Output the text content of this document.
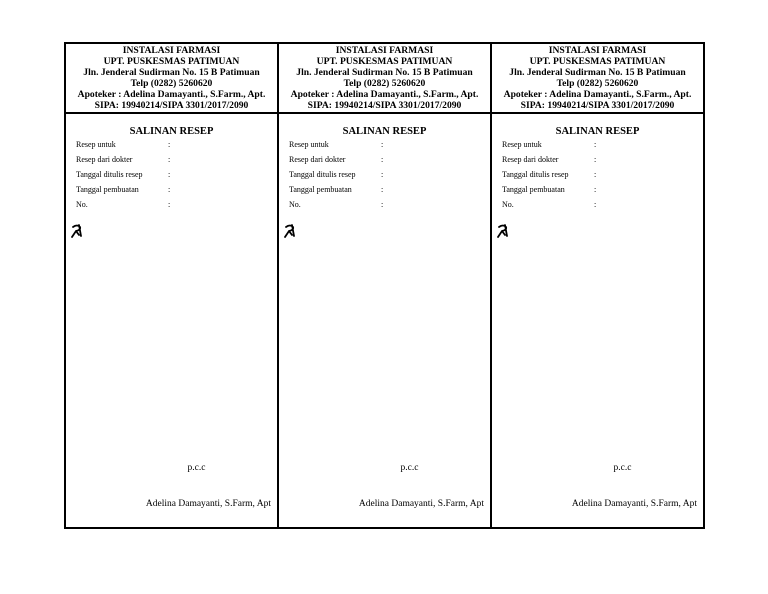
INSTALASI FARMASI
UPT. PUSKESMAS PATIMUAN
Jln. Jenderal Sudirman No. 15 B Patimuan
Telp (0282) 5260620
Apoteker : Adelina Damayanti., S.Farm., Apt.
SIPA: 19940214/SIPA 3301/2017/2090
SALINAN RESEP
Resep untuk	:
Resep dari dokter	:
Tanggal ditulis resep	:
Tanggal pembuatan	:
No.	:
p.c.c
Adelina Damayanti, S.Farm, Apt
INSTALASI FARMASI
UPT. PUSKESMAS PATIMUAN
Jln. Jenderal Sudirman No. 15 B Patimuan
Telp (0282) 5260620
Apoteker : Adelina Damayanti., S.Farm., Apt.
SIPA: 19940214/SIPA 3301/2017/2090
SALINAN RESEP
Resep untuk	:
Resep dari dokter	:
Tanggal ditulis resep	:
Tanggal pembuatan	:
No.	:
p.c.c
Adelina Damayanti, S.Farm, Apt
INSTALASI FARMASI
UPT. PUSKESMAS PATIMUAN
Jln. Jenderal Sudirman No. 15 B Patimuan
Telp (0282) 5260620
Apoteker : Adelina Damayanti., S.Farm., Apt.
SIPA: 19940214/SIPA 3301/2017/2090
SALINAN RESEP
Resep untuk	:
Resep dari dokter	:
Tanggal ditulis resep	:
Tanggal pembuatan	:
No.	:
p.c.c
Adelina Damayanti, S.Farm, Apt
